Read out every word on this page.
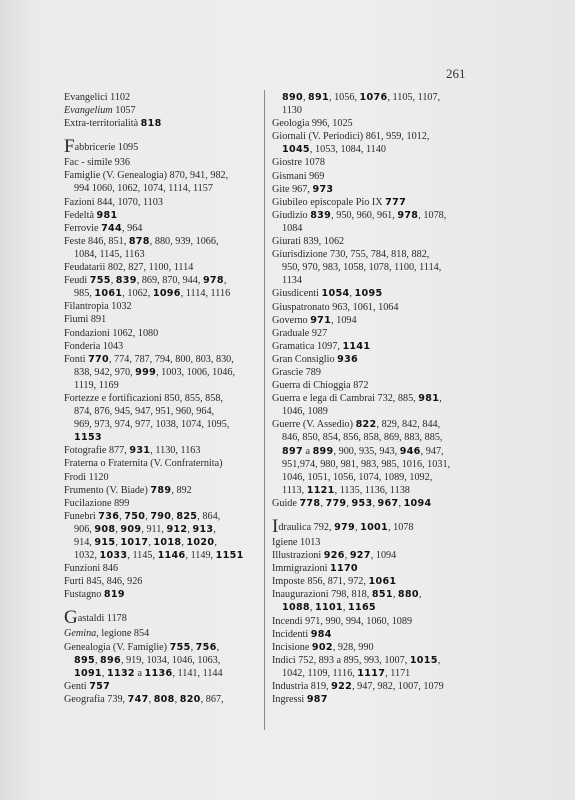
261
Evangelici 1102
Evangelium 1057
Extra-territorialità 818
Fabbricerie 1095
Fac - simile 936
Famiglie (V. Genealogia) 870, 941, 982,
994 1060, 1062, 1074, 1114, 1157
Fazioni 844, 1070, 1103
Fedeltà 981
Ferrovie 744, 964
Feste 846, 851, 878, 880, 939, 1066,
1084, 1145, 1163
Feudatarii 802, 827, 1100, 1114
Feudi 755, 839, 869, 870, 944, 978,
985, 1061, 1062, 1096, 1114, 1116
Filantropia 1032
Fiumi 891
Fondazioni 1062, 1080
Fonderia 1043
Fonti 770, 774, 787, 794, 800, 803, 830,
838, 942, 970, 999, 1003, 1006, 1046,
1119, 1169
Fortezze e fortificazioni 850, 855, 858,
874, 876, 945, 947, 951, 960, 964,
969, 973, 974, 977, 1038, 1074, 1095,
1153
Fotografie 877, 931, 1130, 1163
Fraterna o Fraternita (V. Confraternita)
Frodi 1120
Frumento (V. Biade) 789, 892
Fucilazione 899
Funebri 736, 750, 790, 825, 864,
906, 908, 909, 911, 912, 913,
914, 915, 1017, 1018, 1020,
1032, 1033, 1145, 1146, 1149, 1151
Funzioni 846
Furti 845, 846, 926
Fustagno 819
Gastaldi 1178
Gemina, legione 854
Genealogia (V. Famiglie) 755, 756,
895, 896, 919, 1034, 1046, 1063,
1091, 1132 a 1136, 1141, 1144
Genti 757
Geografia 739, 747, 808, 820, 867,
890, 891, 1056, 1076, 1105, 1107,
1130
Geologia 996, 1025
Giornali (V. Periodici) 861, 959, 1012,
1045, 1053, 1084, 1140
Giostre 1078
Gismani 969
Gite 967, 973
Giubileo episcopale Pio IX 777
Giudizio 839, 950, 960, 961, 978, 1078,
1084
Giurati 839, 1062
Giurisdizione 730, 755, 784, 818, 882,
950, 970, 983, 1058, 1078, 1100, 1114,
1134
Giusdicenti 1054, 1095
Giuspatronato 963, 1061, 1064
Governo 971, 1094
Graduale 927
Gramatica 1097, 1141
Gran Consiglio 936
Grascie 789
Guerra di Chioggia 872
Guerra e lega di Cambrai 732, 885, 981,
1046, 1089
Guerre (V. Assedio) 822, 829, 842, 844,
846, 850, 854, 856, 858, 869, 883, 885,
897 a 899, 900, 935, 943, 946, 947,
951,974, 980, 981, 983, 985, 1016, 1031,
1046, 1051, 1056, 1074, 1089, 1092,
1113, 1121, 1135, 1136, 1138
Guide 778, 779, 953, 967, 1094
Idraulica 792, 979, 1001, 1078
Igiene 1013
Illustrazioni 926, 927, 1094
Immigrazioni 1170
Imposte 856, 871, 972, 1061
Inaugurazioni 798, 818, 851, 880,
1088, 1101, 1165
Incendi 971, 990, 994, 1060, 1089
Incidenti 984
Incisione 902, 928, 990
Indici 752, 893 a 895, 993, 1007, 1015,
1042, 1109, 1116, 1117, 1171
Industria 819, 922, 947, 982, 1007, 1079
Ingressi 987
